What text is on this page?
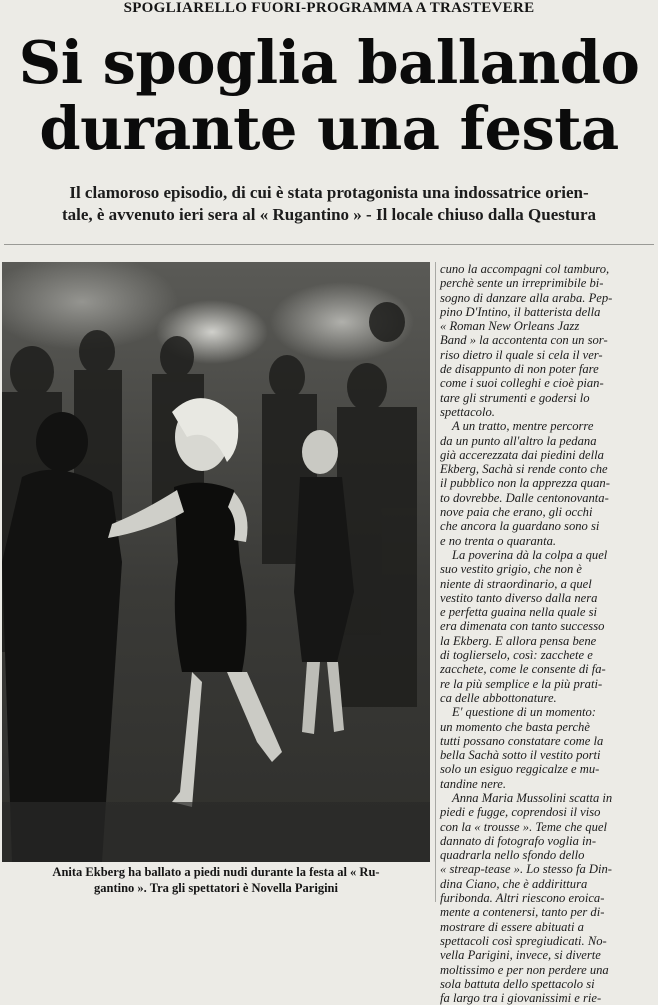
SPOGLIARELLO FUORI-PROGRAMMA A TRASTEVERE
Si spoglia ballando
durante una festa
Il clamoroso episodio, di cui è stata protagonista una indossatrice orien-
tale, è avvenuto ieri sera al « Rugantino » - Il locale chiuso dalla Questura
Anita Ekberg ha ballato a piedi nudi durante la festa al « Ru-
gantino ». Tra gli spettatori è Novella Parigini
cuno la accompagni col tamburo,
perchè sente un irreprimibile bi-
sogno di danzare alla araba. Pep-
pino D'Intino, il batterista della
« Roman New Orleans Jazz
Band » la accontenta con un sor-
riso dietro il quale si cela il ver-
de disappunto di non poter fare
come i suoi colleghi e cioè pian-
tare gli strumenti e godersi lo
spettacolo.
A un tratto, mentre percorre
da un punto all'altro la pedana
già accerezzata dai piedini della
Ekberg, Sachà si rende conto che
il pubblico non la apprezza quan-
to dovrebbe. Dalle centonovanta-
nove paia che erano, gli occhi
che ancora la guardano sono si
e no trenta o quaranta.
La poverina dà la colpa a quel
suo vestito grigio, che non è
niente di straordinario, a quel
vestito tanto diverso dalla nera
e perfetta guaina nella quale si
era dimenata con tanto successo
la Ekberg. E allora pensa bene
di toglierselo, così: zacchete e
zacchete, come le consente di fa-
re la più semplice e la più prati-
ca delle abbottonature.
E' questione di un momento:
un momento che basta perchè
tutti possano constatare come la
bella Sachà sotto il vestito porti
solo un esiguo reggicalze e mu-
tandine nere.
Anna Maria Mussolini scatta in
piedi e fugge, coprendosi il viso
con la « trousse ». Teme che quel
dannato di fotografo voglia in-
quadrarla nello sfondo dello
« streap-tease ». Lo stesso fa Din-
dina Ciano, che è addirittura
furibonda. Altri riescono eroica-
mente a contenersi, tanto per di-
mostrare di essere abituati a
spettacoli così spregiudicati. No-
vella Parigini, invece, si diverte
moltissimo e per non perdere una
sola battuta dello spettacolo si
fa largo tra i giovanissimi e rie-
